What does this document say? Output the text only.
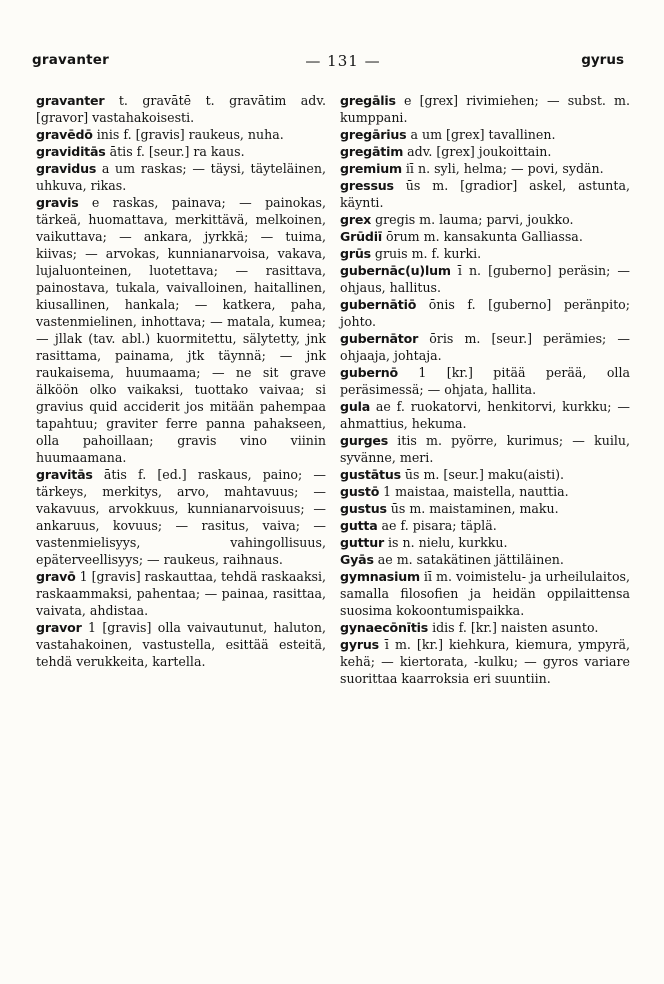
gravanter	— 131 —	gyrus

gravanter t. gravātē t. gravātim adv. [gravor] vastahakoisesti.

gravēdō inis f. [gravis] raukeus, nuha.

graviditās ātis f. [seur.] ra kaus.

gravidus a um raskas; — täysi, täyteläinen, uhkuva, rikas.

gravis e raskas, painava; — painokas, tärkeä, huomattava, merkittävä, melkoinen, vaikuttava; — ankara, jyrkkä; — tuima, kiivas; — arvokas, kunnianarvoisa, vakava, lujaluonteinen, luotettava; — rasittava, painostava, tukala, vaivalloinen, haitallinen, kiusallinen, hankala; — katkera, paha, vastenmielinen, inhottava; — matala, kumea; — jllak (tav. abl.) kuormitettu, sälytetty, jnk rasittama, painama, jtk täynnä; — jnk raukaisema, huumaama; — ne sit grave älköön olko vaikaksi, tuottako vaivaa; si gravius quid acciderit jos mitään pahempaa tapahtuu; graviter ferre panna pahakseen, olla pahoillaan; gravis vino viinin huumaamana.

gravitās ātis f. [ed.] raskaus, paino; — tärkeys, merkitys, arvo, mahtavuus; — vakavuus, arvokkuus, kunnianarvoisuus; — ankaruus, kovuus; — rasitus, vaiva; — vastenmielisyys, vahingollisuus, epäterveellisyys; — raukeus, raihnaus.

gravō 1 [gravis] raskauttaa, tehdä raskaaksi, raskaammaksi, pahentaa; — painaa, rasittaa, vaivata, ahdistaa.

gravor 1 [gravis] olla vaivautunut, haluton, vastahakoinen, vastustella, esittää esteitä, tehdä verukkeita, kartella.

gregālis e [grex] rivimiehen; — subst. m. kumppani.

gregārius a um [grex] tavallinen.

gregātim adv. [grex] joukoittain.

gremium iī n. syli, helma; — povi, sydän.

gressus ūs m. [gradior] askel, astunta, käynti.

grex gregis m. lauma; parvi, joukko.

Grūdiī ōrum m. kansakunta Galliassa.

grūs gruis m. f. kurki.

gubernāc(u)lum ī n. [guberno] peräsin; — ohjaus, hallitus.

gubernātiō ōnis f. [guberno] peränpito; johto.

gubernātor ōris m. [seur.] perämies; — ohjaaja, johtaja.

gubernō 1 [kr.] pitää perää, olla peräsimessä; — ohjata, hallita.

gula ae f. ruokatorvi, henkitorvi, kurkku; — ahmattius, hekuma.

gurges itis m. pyörre, kurimus; — kuilu, syvänne, meri.

gustātus ūs m. [seur.] maku(aisti).

gustō 1 maistaa, maistella, nauttia.

gustus ūs m. maistaminen, maku.

gutta ae f. pisara; täplä.

guttur is n. nielu, kurkku.

Gyās ae m. satakätinen jättiläinen.

gymnasium iī m. voimistelu- ja urheilulaitos, samalla filosofien ja heidän oppilaittensa suosima kokoontumispaikka.

gynaecōnītis idis f. [kr.] naisten asunto.

gyrus ī m. [kr.] kiehkura, kiemura, ympyrä, kehä; — kiertorata, -kulku; — gyros variare suorittaa kaarroksia eri suuntiin.
